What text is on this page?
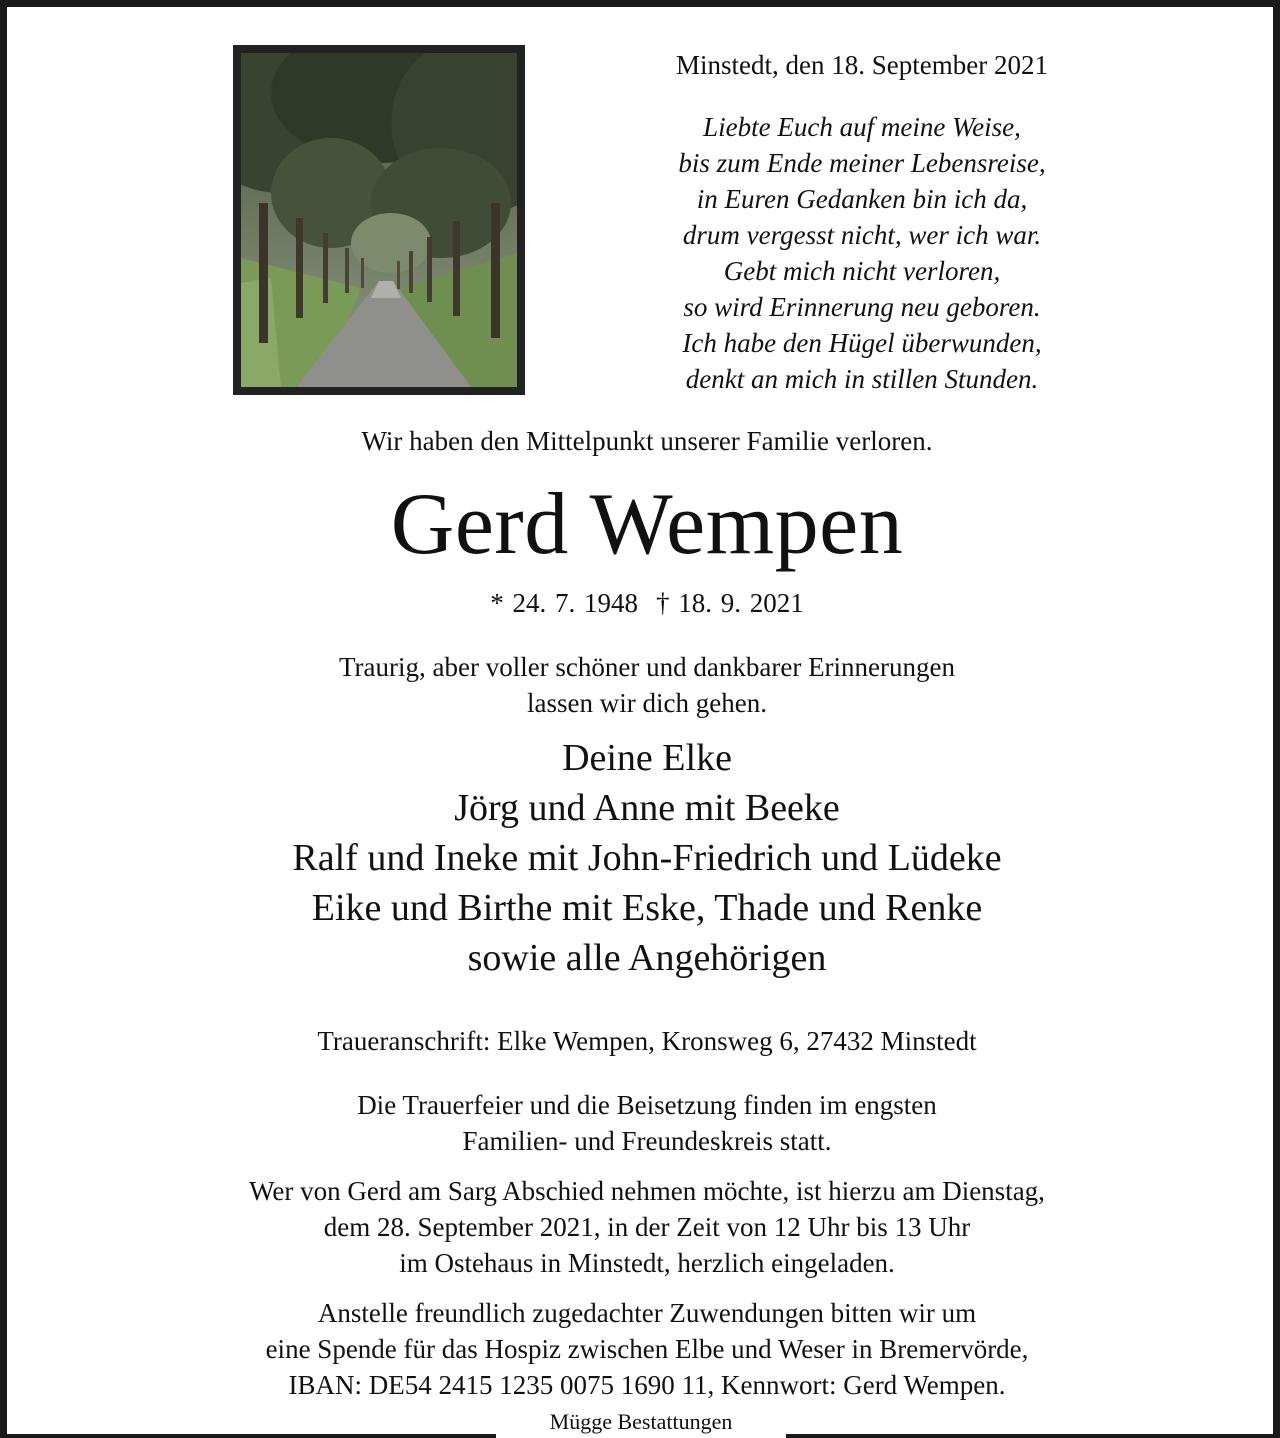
Minstedt, den 18. September 2021
Liebte Euch auf meine Weise,
bis zum Ende meiner Lebensreise,
in Euren Gedanken bin ich da,
drum vergesst nicht, wer ich war.
Gebt mich nicht verloren,
so wird Erinnerung neu geboren.
Ich habe den Hügel überwunden,
denkt an mich in stillen Stunden.
Wir haben den Mittelpunkt unserer Familie verloren.
Gerd Wempen
* 24. 7. 1948 † 18. 9. 2021
Traurig, aber voller schöner und dankbarer Erinnerungen
lassen wir dich gehen.
Deine Elke
Jörg und Anne mit Beeke
Ralf und Ineke mit John-Friedrich und Lüdeke
Eike und Birthe mit Eske, Thade und Renke
sowie alle Angehörigen
Traueranschrift: Elke Wempen, Kronsweg 6, 27432 Minstedt
Die Trauerfeier und die Beisetzung finden im engsten
Familien- und Freundeskreis statt.
Wer von Gerd am Sarg Abschied nehmen möchte, ist hierzu am Dienstag,
dem 28. September 2021, in der Zeit von 12 Uhr bis 13 Uhr
im Ostehaus in Minstedt, herzlich eingeladen.
Anstelle freundlich zugedachter Zuwendungen bitten wir um
eine Spende für das Hospiz zwischen Elbe und Weser in Bremervörde,
IBAN: DE54 2415 1235 0075 1690 11, Kennwort: Gerd Wempen.
Mügge Bestattungen
